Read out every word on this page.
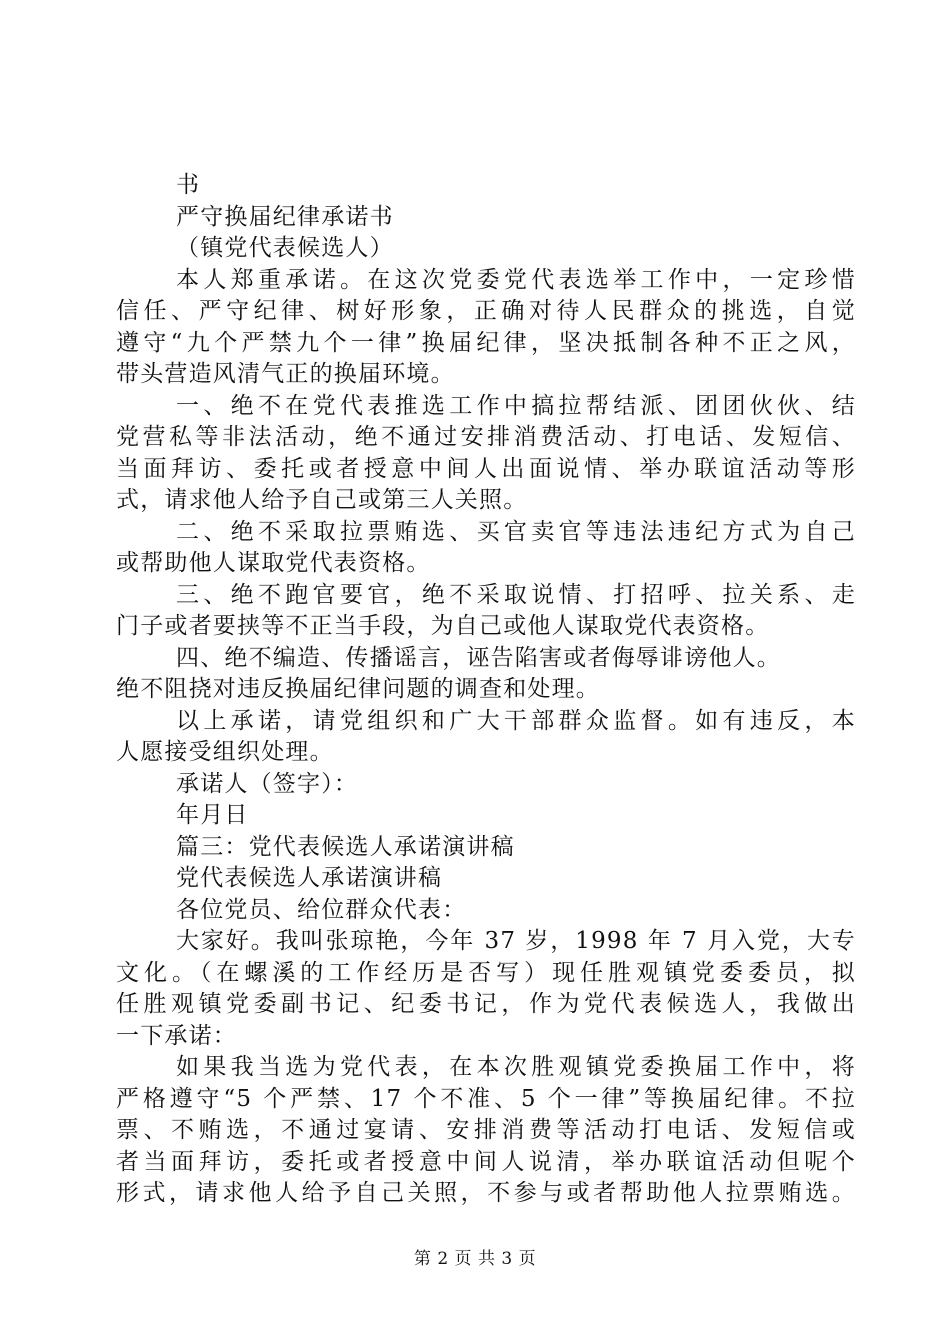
书
严守换届纪律承诺书
（镇党代表候选人）
本人郑重承诺。在这次党委党代表选举工作中，一定珍惜
信任、严守纪律、树好形象，正确对待人民群众的挑选，自觉
遵守“九个严禁九个一律”换届纪律，坚决抵制各种不正之风，
带头营造风清气正的换届环境。
一、绝不在党代表推选工作中搞拉帮结派、团团伙伙、结
党营私等非法活动，绝不通过安排消费活动、打电话、发短信、
当面拜访、委托或者授意中间人出面说情、举办联谊活动等形
式，请求他人给予自己或第三人关照。
二、绝不采取拉票贿选、买官卖官等违法违纪方式为自己
或帮助他人谋取党代表资格。
三、绝不跑官要官，绝不采取说情、打招呼、拉关系、走
门子或者要挟等不正当手段，为自己或他人谋取党代表资格。
四、绝不编造、传播谣言，诬告陷害或者侮辱诽谤他人。
绝不阻挠对违反换届纪律问题的调查和处理。
以上承诺，请党组织和广大干部群众监督。如有违反，本
人愿接受组织处理。
承诺人（签字）：
年月日
篇三：党代表候选人承诺演讲稿
党代表候选人承诺演讲稿
各位党员、给位群众代表：
大家好。我叫张琼艳，今年 37 岁，1998 年 7 月入党，大专
文化。（在螺溪的工作经历是否写）现任胜观镇党委委员，拟
任胜观镇党委副书记、纪委书记，作为党代表候选人，我做出
一下承诺：
如果我当选为党代表，在本次胜观镇党委换届工作中，将
严格遵守“5 个严禁、17 个不准、5 个一律”等换届纪律。不拉
票、不贿选，不通过宴请、安排消费等活动打电话、发短信或
者当面拜访，委托或者授意中间人说清，举办联谊活动但呢个
形式，请求他人给予自己关照，不参与或者帮助他人拉票贿选。
第 2 页 共 3 页
